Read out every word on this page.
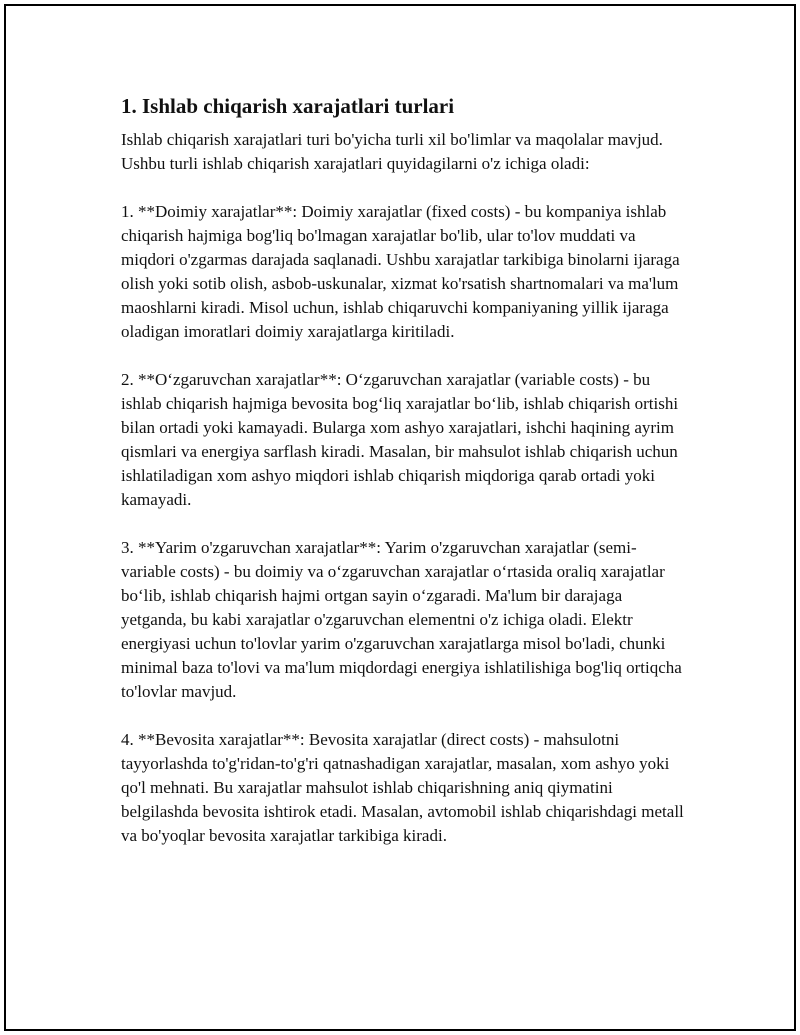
1. Ishlab chiqarish xarajatlari turlari

Ishlab chiqarish xarajatlari turi bo'yicha turli xil bo'limlar va maqolalar mavjud. Ushbu turli ishlab chiqarish xarajatlari quyidagilarni o'z ichiga oladi:

1. **Doimiy xarajatlar**: Doimiy xarajatlar (fixed costs) - bu kompaniya ishlab chiqarish hajmiga bog'liq bo'lmagan xarajatlar bo'lib, ular to'lov muddati va miqdori o'zgarmas darajada saqlanadi. Ushbu xarajatlar tarkibiga binolarni ijaraga olish yoki sotib olish, asbob-uskunalar, xizmat ko'rsatish shartnomalari va ma'lum maoshlarni kiradi. Misol uchun, ishlab chiqaruvchi kompaniyaning yillik ijaraga oladigan imoratlari doimiy xarajatlarga kiritiladi.

2. **O‘zgaruvchan xarajatlar**: O‘zgaruvchan xarajatlar (variable costs) - bu ishlab chiqarish hajmiga bevosita bog‘liq xarajatlar bo‘lib, ishlab chiqarish ortishi bilan ortadi yoki kamayadi. Bularga xom ashyo xarajatlari, ishchi haqining ayrim qismlari va energiya sarflash kiradi. Masalan, bir mahsulot ishlab chiqarish uchun ishlatiladigan xom ashyo miqdori ishlab chiqarish miqdoriga qarab ortadi yoki kamayadi.

3. **Yarim o'zgaruvchan xarajatlar**: Yarim o'zgaruvchan xarajatlar (semi-variable costs) - bu doimiy va o‘zgaruvchan xarajatlar o‘rtasida oraliq xarajatlar bo‘lib, ishlab chiqarish hajmi ortgan sayin o‘zgaradi. Ma'lum bir darajaga yetganda, bu kabi xarajatlar o'zgaruvchan elementni o'z ichiga oladi. Elektr energiyasi uchun to'lovlar yarim o'zgaruvchan xarajatlarga misol bo'ladi, chunki minimal baza to'lovi va ma'lum miqdordagi energiya ishlatilishiga bog'liq ortiqcha to'lovlar mavjud.

4. **Bevosita xarajatlar**: Bevosita xarajatlar (direct costs) - mahsulotni tayyorlashda to'g'ridan-to'g'ri qatnashadigan xarajatlar, masalan, xom ashyo yoki qo'l mehnati. Bu xarajatlar mahsulot ishlab chiqarishning aniq qiymatini belgilashda bevosita ishtirok etadi. Masalan, avtomobil ishlab chiqarishdagi metall va bo'yoqlar bevosita xarajatlar tarkibiga kiradi.
